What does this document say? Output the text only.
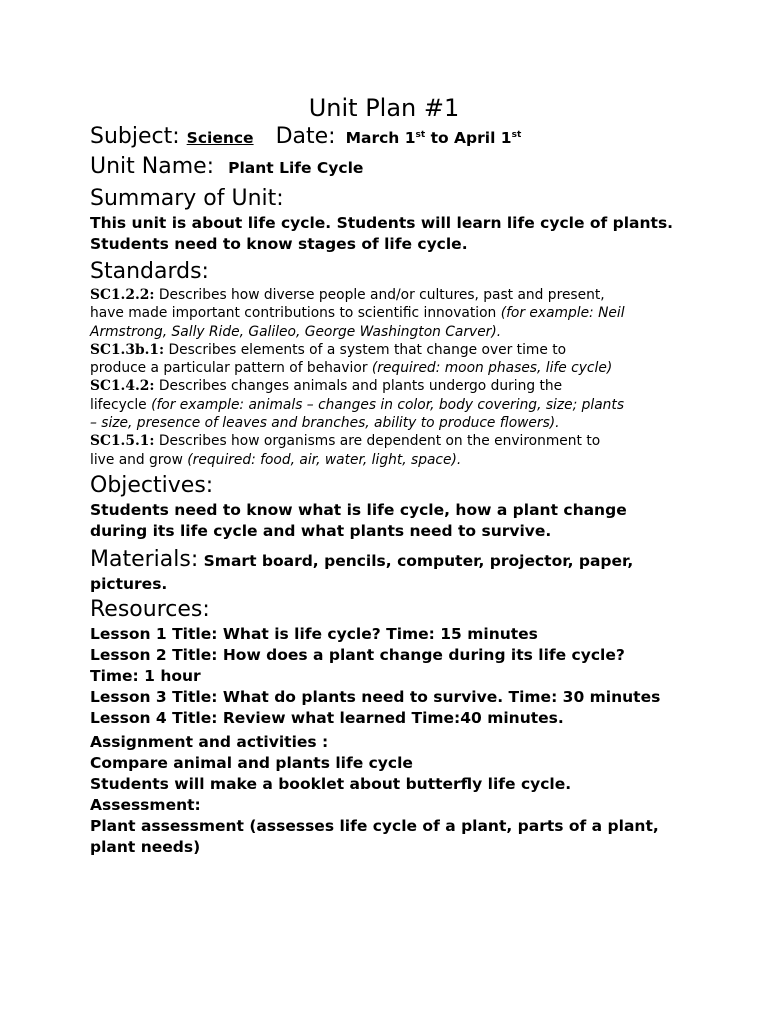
Unit Plan #1
Subject: Science Date: March 1st to April 1st
Unit Name: Plant Life Cycle
Summary of Unit:
This unit is about life cycle. Students will learn life cycle of plants.
Students need to know stages of life cycle.
Standards:
SC1.2.2: Describes how diverse people and/or cultures, past and present,
have made important contributions to scientific innovation (for example: Neil
Armstrong, Sally Ride, Galileo, George Washington Carver).
SC1.3b.1: Describes elements of a system that change over time to
produce a particular pattern of behavior (required: moon phases, life cycle)
SC1.4.2: Describes changes animals and plants undergo during the
lifecycle (for example: animals – changes in color, body covering, size; plants
– size, presence of leaves and branches, ability to produce flowers).
SC1.5.1: Describes how organisms are dependent on the environment to
live and grow (required: food, air, water, light, space).
Objectives:
Students need to know what is life cycle, how a plant change
during its life cycle and what plants need to survive.
Materials: Smart board, pencils, computer, projector, paper,
pictures.
Resources:
Lesson 1 Title: What is life cycle? Time: 15 minutes
Lesson 2 Title: How does a plant change during its life cycle?
Time: 1 hour
Lesson 3 Title: What do plants need to survive. Time: 30 minutes
Lesson 4 Title: Review what learned Time:40 minutes.
Assignment and activities :
Compare animal and plants life cycle
Students will make a booklet about butterfly life cycle.
Assessment:
Plant assessment (assesses life cycle of a plant, parts of a plant,
plant needs)
